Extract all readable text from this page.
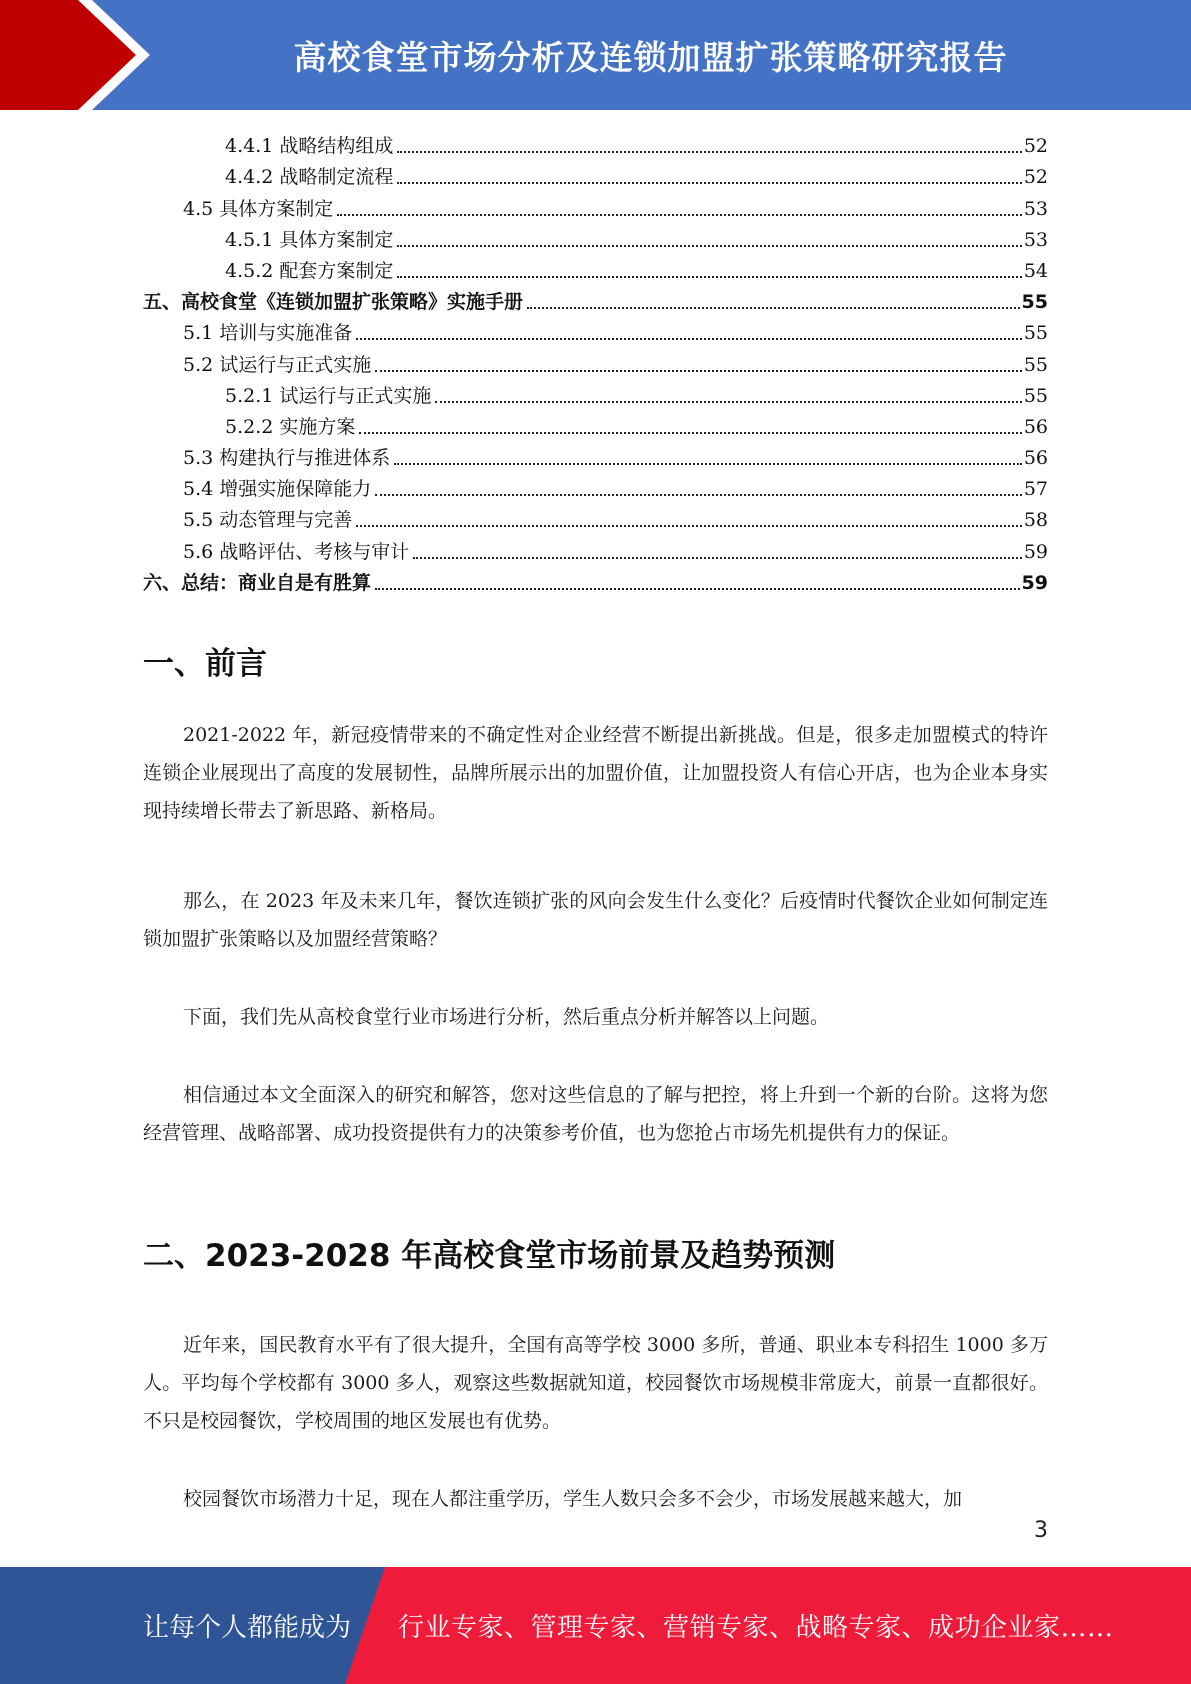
高校食堂市场分析及连锁加盟扩张策略研究报告
4.4.1 战略结构组成	52
4.4.2 战略制定流程	52
4.5 具体方案制定	53
4.5.1 具体方案制定	53
4.5.2 配套方案制定	54
五、高校食堂《连锁加盟扩张策略》实施手册	55
5.1 培训与实施准备	55
5.2 试运行与正式实施	55
5.2.1 试运行与正式实施	55
5.2.2 实施方案	56
5.3 构建执行与推进体系	56
5.4 增强实施保障能力	57
5.5 动态管理与完善	58
5.6 战略评估、考核与审计	59
六、总结：商业自是有胜算	59
一、前言

2021-2022 年，新冠疫情带来的不确定性对企业经营不断提出新挑战。但是，很多走加盟模式的特许连锁企业展现出了高度的发展韧性，品牌所展示出的加盟价值，让加盟投资人有信心开店，也为企业本身实现持续增长带去了新思路、新格局。

那么，在 2023 年及未来几年，餐饮连锁扩张的风向会发生什么变化？后疫情时代餐饮企业如何制定连锁加盟扩张策略以及加盟经营策略？

下面，我们先从高校食堂行业市场进行分析，然后重点分析并解答以上问题。

相信通过本文全面深入的研究和解答，您对这些信息的了解与把控，将上升到一个新的台阶。这将为您经营管理、战略部署、成功投资提供有力的决策参考价值，也为您抢占市场先机提供有力的保证。

二、2023-2028 年高校食堂市场前景及趋势预测

近年来，国民教育水平有了很大提升，全国有高等学校 3000 多所，普通、职业本专科招生 1000 多万人。平均每个学校都有 3000 多人，观察这些数据就知道，校园餐饮市场规模非常庞大，前景一直都很好。不只是校园餐饮，学校周围的地区发展也有优势。

校园餐饮市场潜力十足，现在人都注重学历，学生人数只会多不会少，市场发展越来越大，加

3
让每个人都能成为 行业专家、管理专家、营销专家、战略专家、成功企业家……
